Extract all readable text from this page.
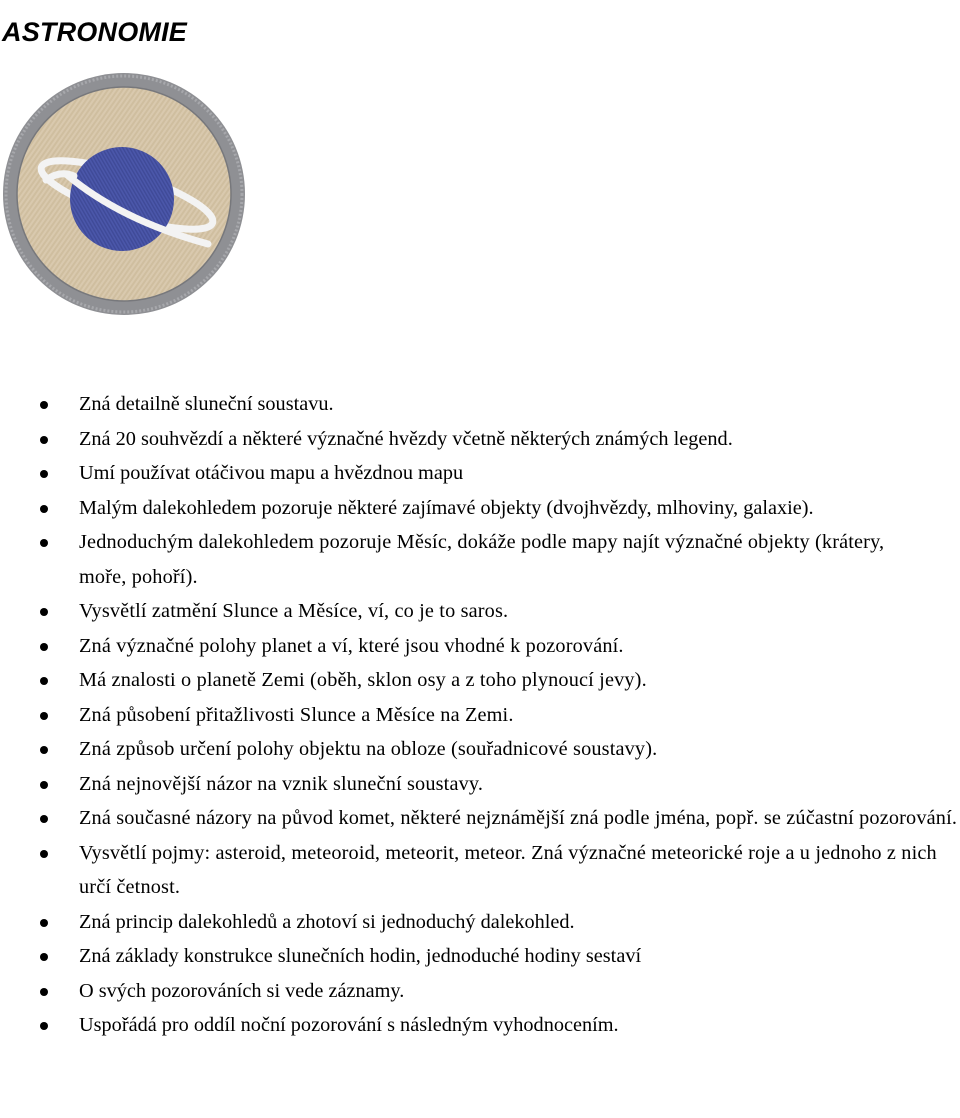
ASTRONOMIE
Zná detailně sluneční soustavu.
Zná 20 souhvězdí a některé význačné hvězdy včetně některých známých legend.
Umí používat otáčivou mapu a hvězdnou mapu
Malým dalekohledem pozoruje některé zajímavé objekty (dvojhvězdy, mlhoviny, galaxie).
Jednoduchým dalekohledem pozoruje Měsíc, dokáže podle mapy najít význačné objekty (krátery, moře, pohoří).
Vysvětlí zatmění Slunce a Měsíce, ví, co je to saros.
Zná význačné polohy planet a ví, které jsou vhodné k pozorování.
Má znalosti o planetě Zemi (oběh, sklon osy a z toho plynoucí jevy).
Zná působení přitažlivosti Slunce a Měsíce na Zemi.
Zná způsob určení polohy objektu na obloze (souřadnicové soustavy).
Zná nejnovější názor na vznik sluneční soustavy.
Zná současné názory na původ komet, některé nejznámější zná podle jména, popř. se zúčastní pozorování.
Vysvětlí pojmy: asteroid, meteoroid, meteorit, meteor. Zná význačné meteorické roje a u jednoho z nich určí četnost.
Zná princip dalekohledů a zhotoví si jednoduchý dalekohled.
Zná základy konstrukce slunečních hodin, jednoduché hodiny sestaví
O svých pozorováních si vede záznamy.
Uspořádá pro oddíl noční pozorování s následným vyhodnocením.
